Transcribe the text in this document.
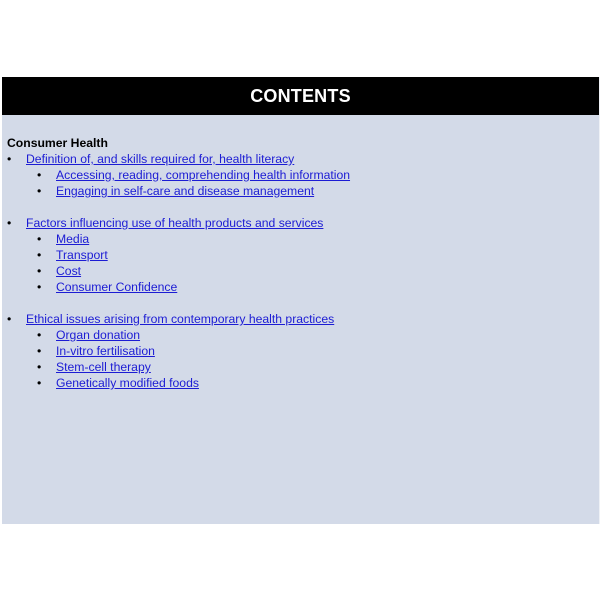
CONTENTS
Consumer Health
• Definition of, and skills required for, health literacy
• Accessing, reading, comprehending health information
• Engaging in self-care and disease management
• Factors influencing use of health products and services
• Media
• Transport
• Cost
• Consumer Confidence
• Ethical issues arising from contemporary health practices
• Organ donation
• In-vitro fertilisation
• Stem-cell therapy
• Genetically modified foods
